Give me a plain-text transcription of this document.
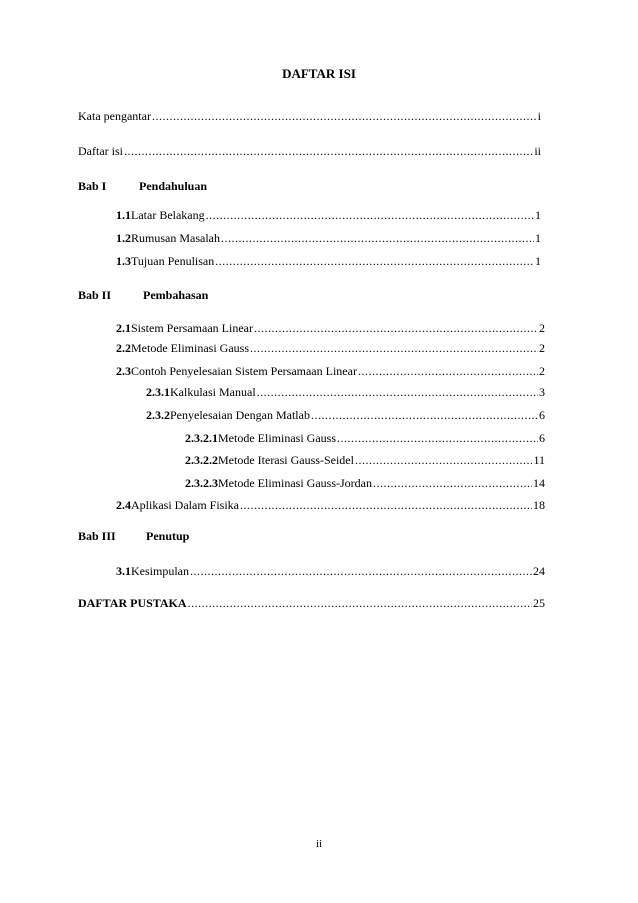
DAFTAR ISI
Kata pengantar .....	i
Daftar isi .....	ii
Bab I	Pendahuluan
1.1 Latar Belakang .....	1
1.2 Rumusan Masalah .....	1
1.3 Tujuan Penulisan .....	1
Bab II	Pembahasan
2.1 Sistem Persamaan Linear .....	2
2.2 Metode Eliminasi Gauss .....	2
2.3 Contoh Penyelesaian Sistem Persamaan Linear .....	2
2.3.1 Kalkulasi Manual .....	3
2.3.2 Penyelesaian Dengan Matlab .....	6
2.3.2.1 Metode Eliminasi Gauss .....	6
2.3.2.2 Metode Iterasi Gauss-Seidel .....	11
2.3.2.3 Metode Eliminasi Gauss-Jordan .....	14
2.4 Aplikasi Dalam Fisika .....	18
Bab III	Penutup
3.1 Kesimpulan .....	24
DAFTAR PUSTAKA .....	25
ii
